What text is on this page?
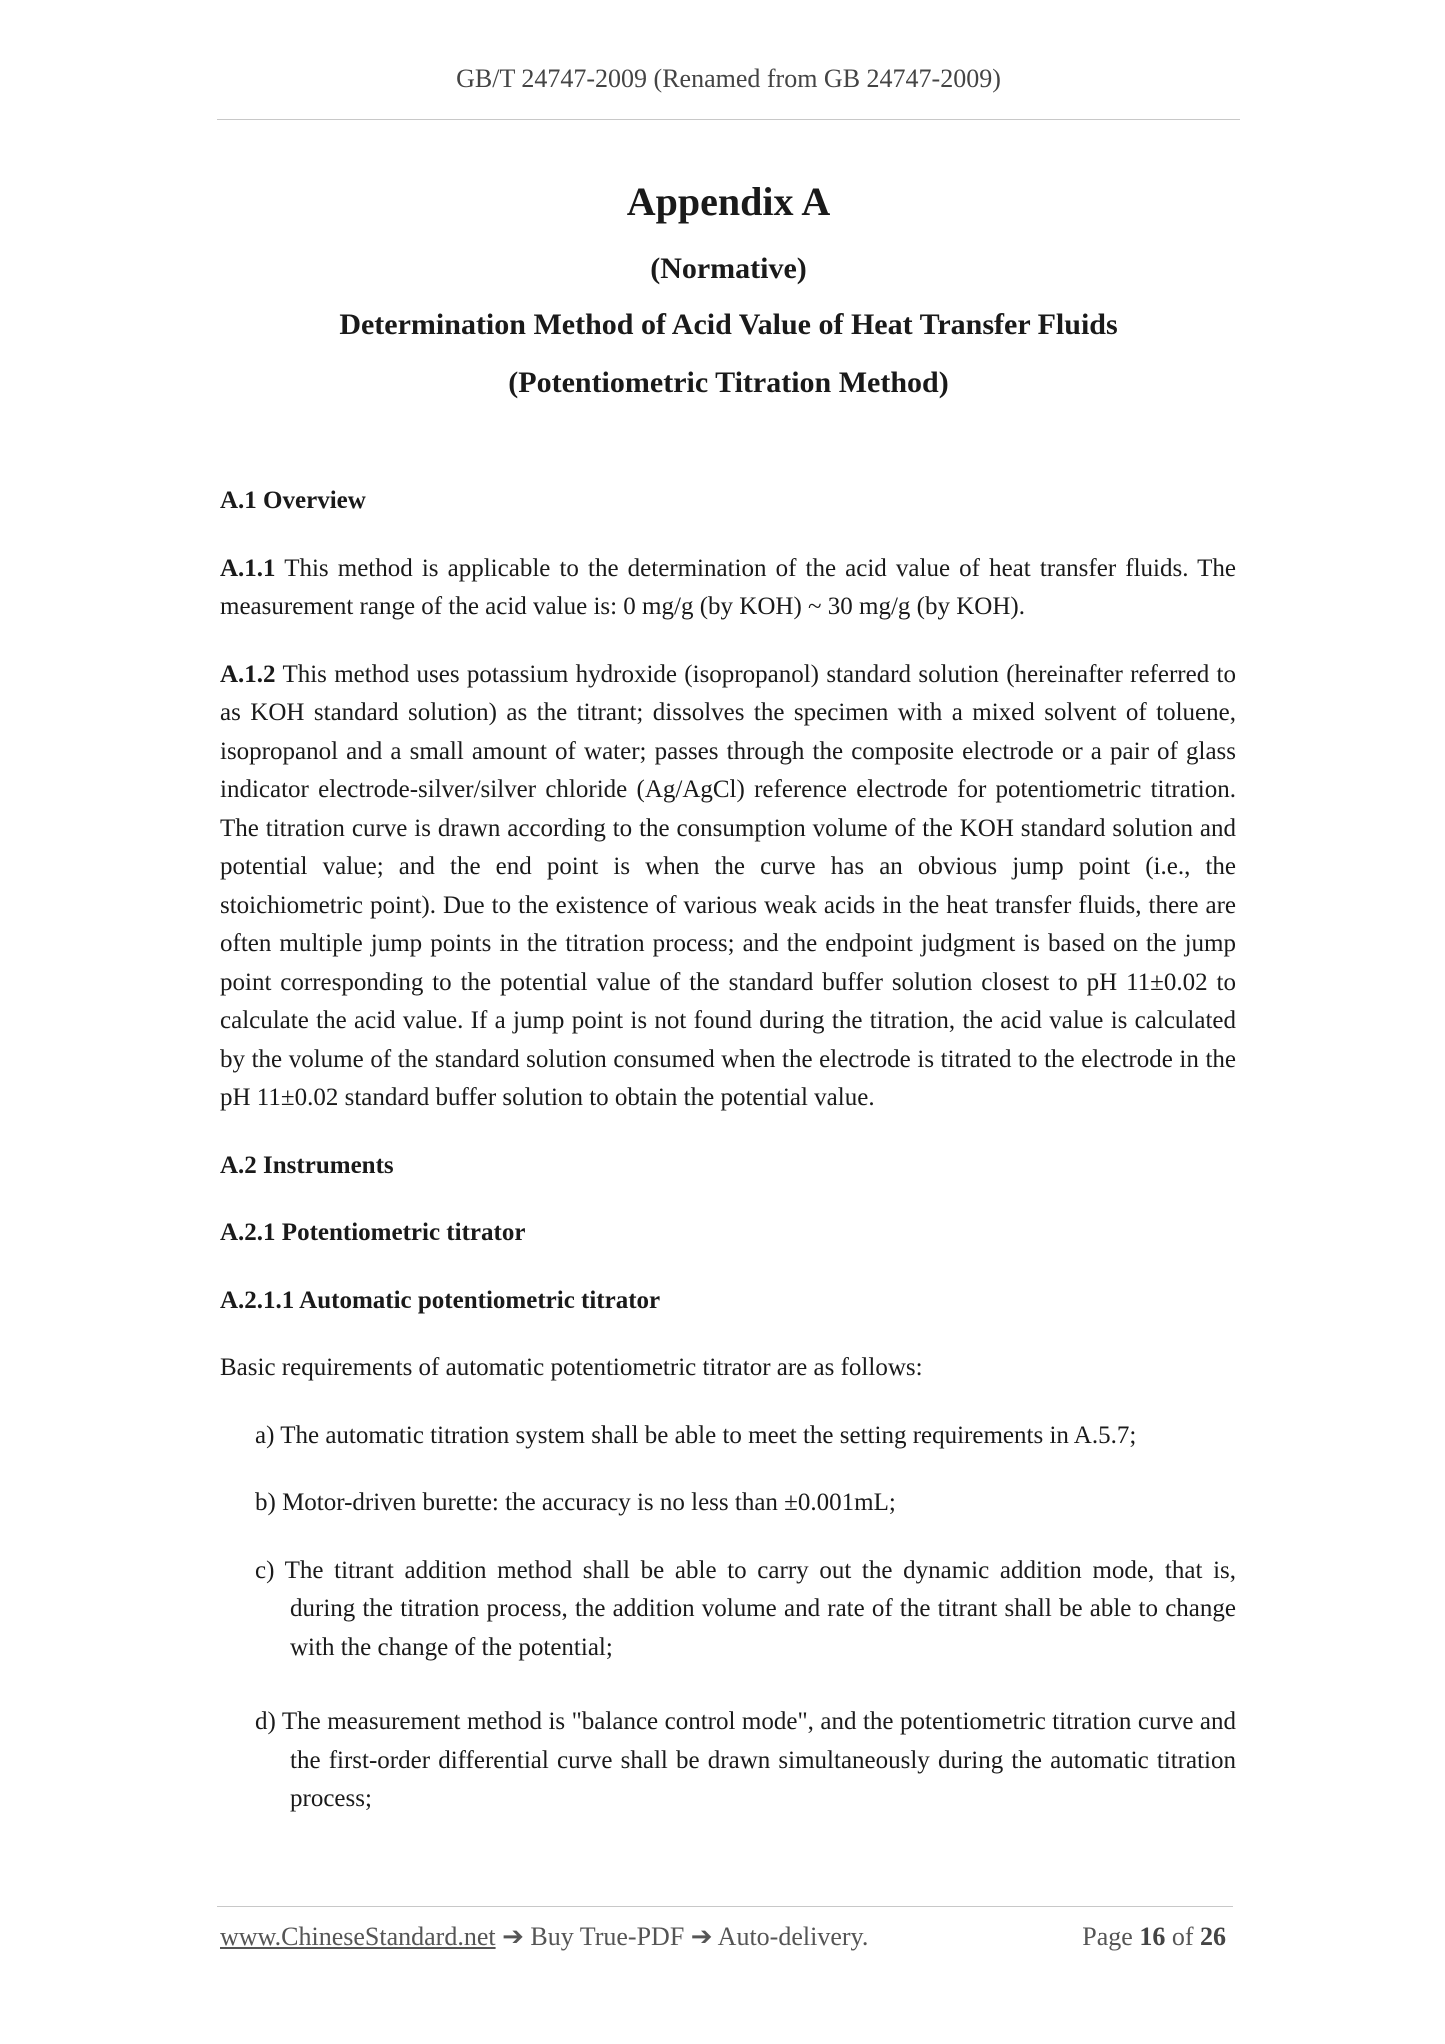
GB/T 24747-2009 (Renamed from GB 24747-2009)
Appendix A
(Normative)
Determination Method of Acid Value of Heat Transfer Fluids
(Potentiometric Titration Method)

A.1 Overview

A.1.1 This method is applicable to the determination of the acid value of heat transfer fluids. The measurement range of the acid value is: 0 mg/g (by KOH) ~ 30 mg/g (by KOH).

A.1.2 This method uses potassium hydroxide (isopropanol) standard solution (hereinafter referred to as KOH standard solution) as the titrant; dissolves the specimen with a mixed solvent of toluene, isopropanol and a small amount of water; passes through the composite electrode or a pair of glass indicator electrode-silver/silver chloride (Ag/AgCl) reference electrode for potentiometric titration. The titration curve is drawn according to the consumption volume of the KOH standard solution and potential value; and the end point is when the curve has an obvious jump point (i.e., the stoichiometric point). Due to the existence of various weak acids in the heat transfer fluids, there are often multiple jump points in the titration process; and the endpoint judgment is based on the jump point corresponding to the potential value of the standard buffer solution closest to pH 11±0.02 to calculate the acid value. If a jump point is not found during the titration, the acid value is calculated by the volume of the standard solution consumed when the electrode is titrated to the electrode in the pH 11±0.02 standard buffer solution to obtain the potential value.

A.2 Instruments

A.2.1 Potentiometric titrator

A.2.1.1 Automatic potentiometric titrator

Basic requirements of automatic potentiometric titrator are as follows:

a) The automatic titration system shall be able to meet the setting requirements in A.5.7;

b) Motor-driven burette: the accuracy is no less than ±0.001mL;

c) The titrant addition method shall be able to carry out the dynamic addition mode, that is, during the titration process, the addition volume and rate of the titrant shall be able to change with the change of the potential;

d) The measurement method is "balance control mode", and the potentiometric titration curve and the first-order differential curve shall be drawn simultaneously during the automatic titration process;

www.ChineseStandard.net ➔ Buy True-PDF ➔ Auto-delivery.	Page 16 of 26
